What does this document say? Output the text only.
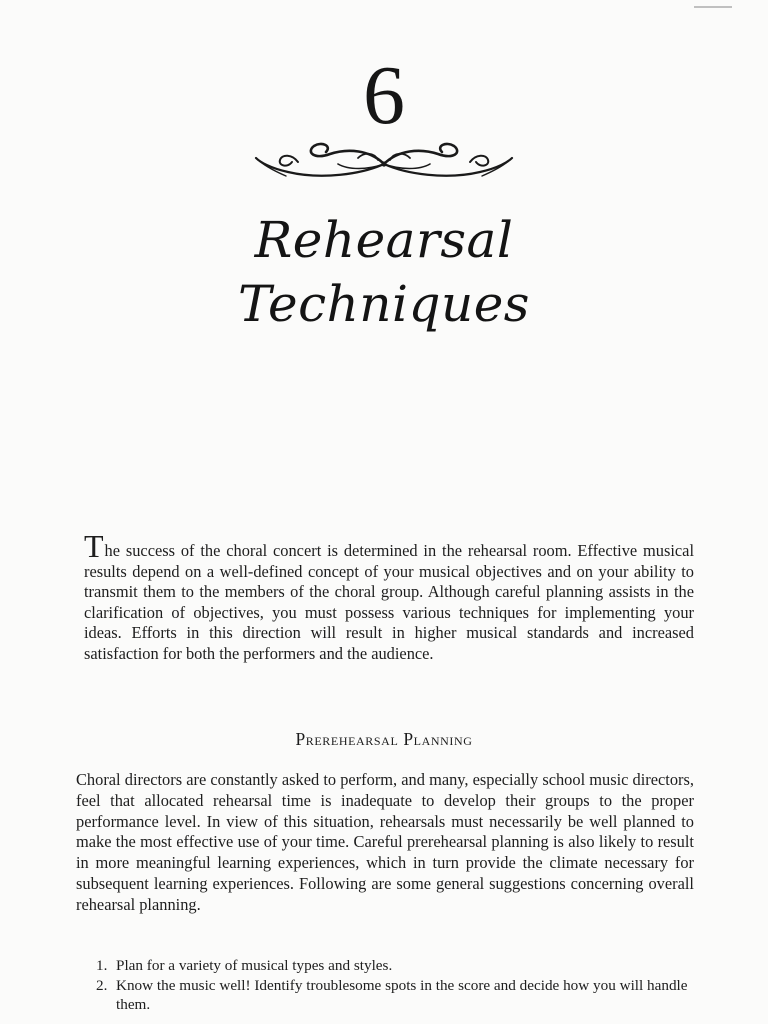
6
Rehearsal
Techniques

The success of the choral concert is determined in the rehearsal room. Effective musical results depend on a well-defined concept of your musical objectives and on your ability to transmit them to the members of the choral group. Although careful planning assists in the clarification of objectives, you must possess various techniques for implementing your ideas. Efforts in this direction will result in higher musical standards and increased satisfaction for both the performers and the audience.

Prerehearsal Planning

Choral directors are constantly asked to perform, and many, especially school music directors, feel that allocated rehearsal time is inadequate to develop their groups to the proper performance level. In view of this situation, rehearsals must necessarily be well planned to make the most effective use of your time. Careful prerehearsal planning is also likely to result in more meaningful learning experiences, which in turn provide the climate necessary for subsequent learning experiences. Following are some general suggestions concerning overall rehearsal planning.

1. Plan for a variety of musical types and styles.
2. Know the music well! Identify troublesome spots in the score and decide how you will handle them.
